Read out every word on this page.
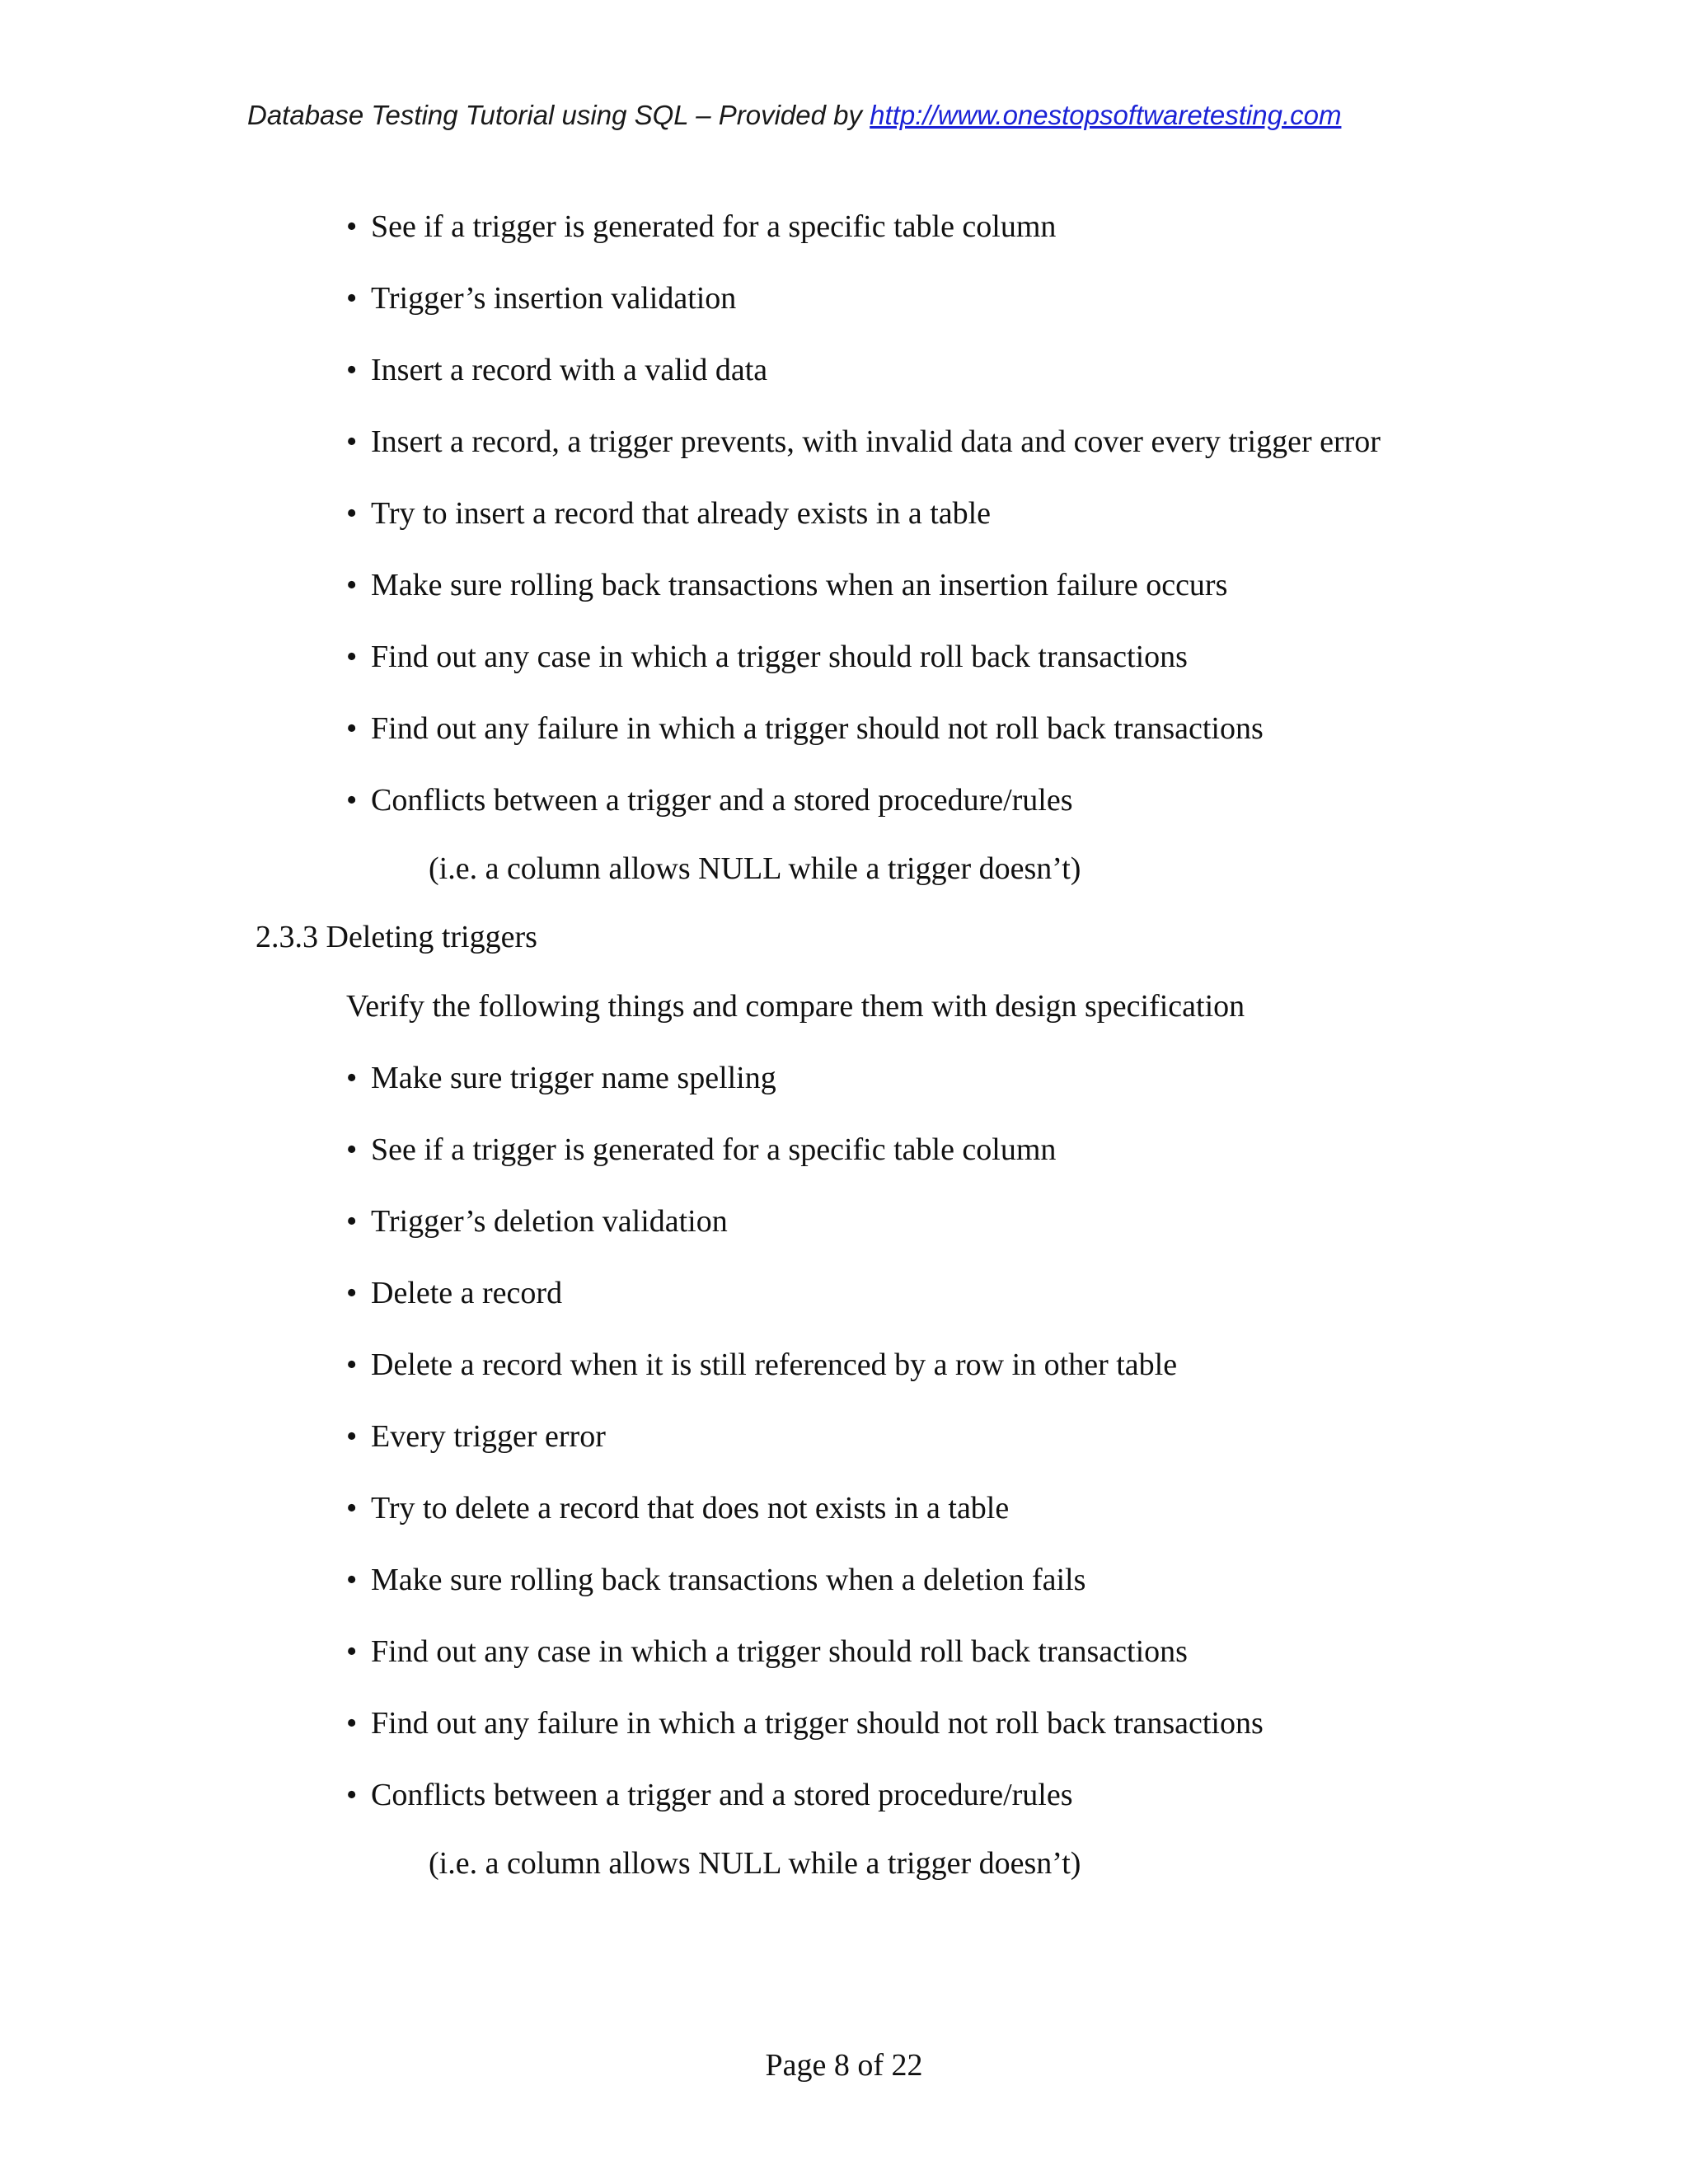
Database Testing Tutorial using SQL – Provided by http://www.onestopsoftwaretesting.com
• See if a trigger is generated for a specific table column
• Trigger’s insertion validation
• Insert a record with a valid data
• Insert a record, a trigger prevents, with invalid data and cover every trigger error
• Try to insert a record that already exists in a table
• Make sure rolling back transactions when an insertion failure occurs
• Find out any case in which a trigger should roll back transactions
• Find out any failure in which a trigger should not roll back transactions
• Conflicts between a trigger and a stored procedure/rules
(i.e. a column allows NULL while a trigger doesn’t)
2.3.3 Deleting triggers
Verify the following things and compare them with design specification
• Make sure trigger name spelling
• See if a trigger is generated for a specific table column
• Trigger’s deletion validation
• Delete a record
• Delete a record when it is still referenced by a row in other table
• Every trigger error
• Try to delete a record that does not exists in a table
• Make sure rolling back transactions when a deletion fails
• Find out any case in which a trigger should roll back transactions
• Find out any failure in which a trigger should not roll back transactions
• Conflicts between a trigger and a stored procedure/rules
(i.e. a column allows NULL while a trigger doesn’t)
Page 8 of 22
